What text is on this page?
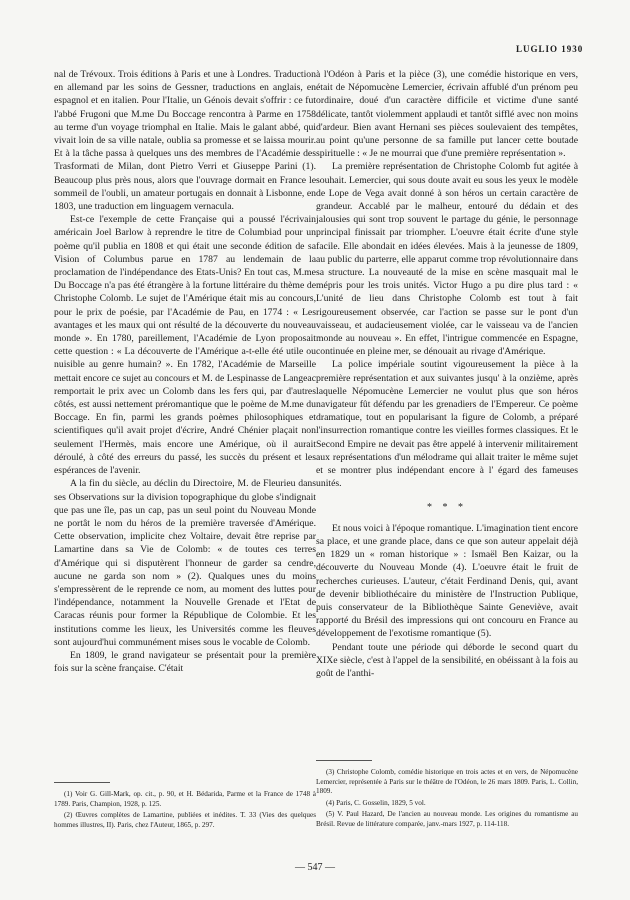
LUGLIO 1930

nal de Trévoux. Trois éditions à Paris et une à Londres. Traduction en allemand par les soins de Gessner, traductions en anglais, en espagnol et en italien. Pour l'Italie, un Génois devait s'offrir : ce fut l'abbé Frugoni que M.me Du Boccage rencontra à Parme en 1758 au terme d'un voyage triomphal en Italie. Mais le galant abbé, qui vivait loin de sa ville natale, oublia sa promesse et se laissa mourir. Et à la tâche passa à quelques uns des membres de l'Académie des Trasformati de Milan, dont Pietro Verri et Giuseppe Parini (1). Beaucoup plus près nous, alors que l'ouvrage dormait en France le sommeil de l'oubli, un amateur portugais en donnait à Lisbonne, en 1803, une traduction em linguagem vernacula.

Est-ce l'exemple de cette Française qui a poussé l'écrivain américain Joel Barlow à reprendre le titre de Columbiad pour un poème qu'il publia en 1808 et qui était une seconde édition de sa Vision of Columbus parue en 1787 au lendemain de la proclamation de l'indépendance des Etats-Unis? En tout cas, M.me Du Boccage n'a pas été étrangère à la fortune littéraire du thème de Christophe Colomb. Le sujet de l'Amérique était mis au concours, pour le prix de poésie, par l'Académie de Pau, en 1774 : « Les avantages et les maux qui ont résulté de la découverte du nouveau monde ». En 1780, pareillement, l'Académie de Lyon proposait cette question : « La découverte de l'Amérique a-t-elle été utile ou nuisible au genre humain? ». En 1782, l'Académie de Marseille mettait encore ce sujet au concours et M. de Lespinasse de Langeac remportait le prix avec un Colomb dans les fers qui, par d'autres côtés, est aussi nettement préromantique que le poème de M.me du Boccage. En fin, parmi les grands poèmes philosophiques et scientifiques qu'il avait projet d'écrire, André Chénier plaçait non seulement l'Hermès, mais encore une Amérique, où il aurait déroulé, à côté des erreurs du passé, les succès du présent et les espérances de l'avenir.

A la fin du siècle, au déclin du Directoire, M. de Fleurieu dans ses Observations sur la division topographique du globe s'indignait que pas une île, pas un cap, pas un seul point du Nouveau Monde ne portât le nom du héros de la première traversée d'Amérique. Cette observation, implicite chez Voltaire, devait être reprise par Lamartine dans sa Vie de Colomb: « de toutes ces terres d'Amérique qui si disputèrent l'honneur de garder sa cendre, aucune ne garda son nom » (2). Qualques unes du moins s'empressèrent de le reprende ce nom, au moment des luttes pour l'indépendance, notamment la Nouvelle Grenade et l'Etat de Caracas réunis pour former la République de Colombie. Et les institutions comme les lieux, les Universités comme les fleuves sont aujourd'hui communément mises sous le vocable de Colomb.

En 1809, le grand navigateur se présentait pour la première fois sur la scène française. C'était

à l'Odéon à Paris et la pièce (3), une comédie historique en vers, était de Népomucène Lemercier, écrivain affublé d'un prénom peu ordinaire, doué d'un caractère difficile et victime d'une santé délicate, tantôt violemment applaudi et tantôt sifflé avec non moins d'ardeur. Bien avant Hernani ses pièces soulevaient des tempêtes, au point qu'une personne de sa famille put lancer cette boutade spirituelle : « Je ne mourrai que d'une première représentation ».

La première représentation de Christophe Colomb fut agitée à souhait. Lemercier, qui sous doute avait eu sous les yeux le modèle de Lope de Vega avait donné à son héros un certain caractère de grandeur. Accablé par le malheur, entouré du dédain et des jalousies qui sont trop souvent le partage du génie, le personnage principal finissait par triompher. L'oeuvre était écrite d'une style facile. Elle abondait en idées élevées. Mais à la jeunesse de 1809, au public du parterre, elle apparut comme trop révolutionnaire dans sa structure. La nouveauté de la mise en scène masquait mal le mépris pour les trois unités. Victor Hugo a pu dire plus tard : « L'unité de lieu dans Christophe Colomb est tout à fait rigoureusement observée, car l'action se passe sur le pont d'un vaisseau, et audacieusement violée, car le vaisseau va de l'ancien monde au nouveau ». En effet, l'intrigue commencée en Espagne, continuée en pleine mer, se dénouait au rivage d'Amérique.

La police impériale soutint vigoureusement la pièce à la première représentation et aux suivantes jusqu' à la onzième, après laquelle Népomucène Lemercier ne voulut plus que son héros navigateur fût défendu par les grenadiers de l'Empereur. Ce poème dramatique, tout en popularisant la figure de Colomb, a préparé l'insurrection romantique contre les vieilles formes classiques. Et le Second Empire ne devait pas être appelé à intervenir militairement aux représentations d'un mélodrame qui allait traiter le même sujet et se montrer plus indépendant encore à l' égard des fameuses unités.

* * *

Et nous voici à l'époque romantique. L'imagination tient encore sa place, et une grande place, dans ce que son auteur appelait déjà en 1829 un « roman historique » : Ismaël Ben Kaizar, ou la découverte du Nouveau Monde (4). L'oeuvre était le fruit de recherches curieuses. L'auteur, c'était Ferdinand Denis, qui, avant de devenir bibliothécaire du ministère de l'Instruction Publique, puis conservateur de la Bibliothèque Sainte Geneviève, avait rapporté du Brésil des impressions qui ont concouru en France au développement de l'exotisme romantique (5).

Pendant toute une période qui déborde le second quart du XIXe siècle, c'est à l'appel de la sensibilité, en obéissant à la fois au goût de l'anthi-

(1) Voir G. Gill-Mark, op. cit., p. 90, et H. Bédarida, Parme et la France de 1748 à 1789. Paris, Champion, 1928, p. 125.

(2) Œuvres complètes de Lamartine, publiées et inédites. T. 33 (Vies des quelques hommes illustres, II). Paris, chez l'Auteur, 1865, p. 297.

(3) Christophe Colomb, comédie historique en trois actes et en vers, de Népomucène Lemercier, représentée à Paris sur le théâtre de l'Odéon, le 26 mars 1809. Paris, L. Collin, 1809.

(4) Paris, C. Gosselin, 1829, 5 vol.

(5) V. Paul Hazard, De l'ancien au nouveau monde. Les origines du romantisme au Brésil. Revue de littérature comparée, janv.-mars 1927, p. 114-118.

— 547 —
